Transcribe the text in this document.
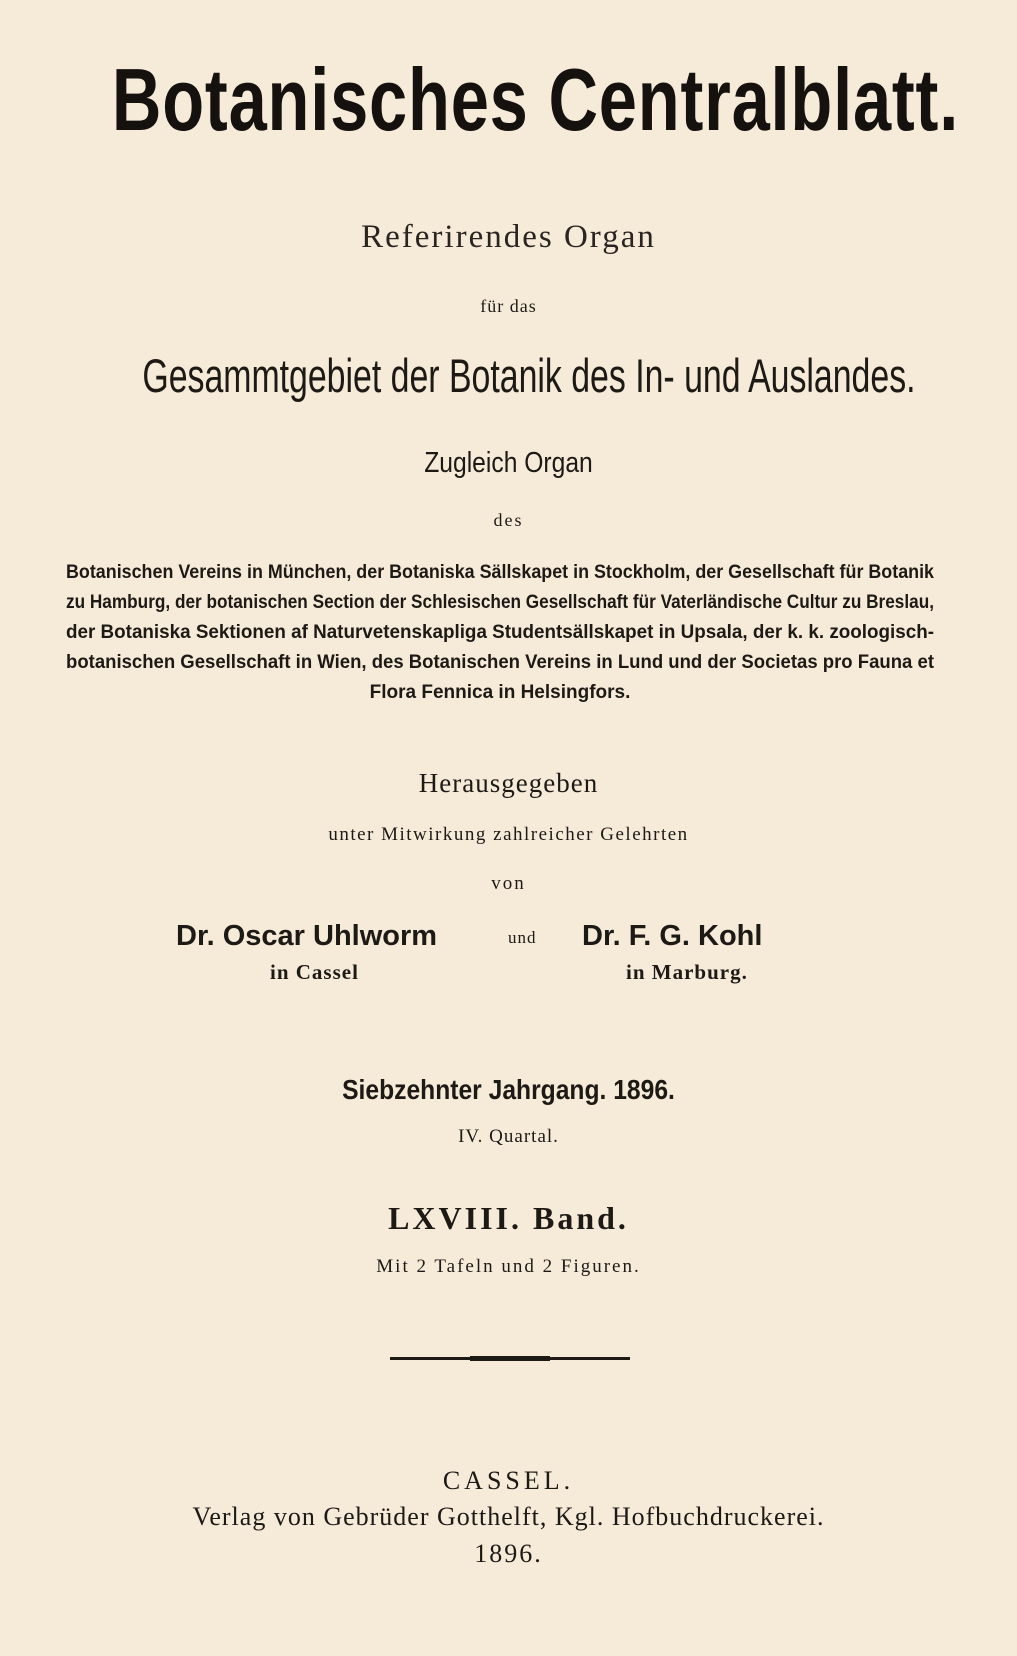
Botanisches Centralblatt.
Referirendes Organ
für das
Gesammtgebiet der Botanik des In- und Auslandes.
Zugleich Organ
des
Botanischen Vereins in München, der Botaniska Sällskapet in Stockholm, der Gesellschaft für Botanik
zu Hamburg, der botanischen Section der Schlesischen Gesellschaft für Vaterländische Cultur zu Breslau,
der Botaniska Sektionen af Naturvetenskapliga Studentsällskapet in Upsala, der k. k. zoologisch-
botanischen Gesellschaft in Wien, des Botanischen Vereins in Lund und der Societas pro Fauna et
Flora Fennica in Helsingfors.
Herausgegeben
unter Mitwirkung zahlreicher Gelehrten
von
Dr. Oscar Uhlworm	und Dr. F. G. Kohl
in Cassel	in Marburg.
Siebzehnter Jahrgang. 1896.
IV. Quartal.
LXVIII. Band.
Mit 2 Tafeln und 2 Figuren.
CASSEL.
Verlag von Gebrüder Gotthelft, Kgl. Hofbuchdruckerei.
1896.
